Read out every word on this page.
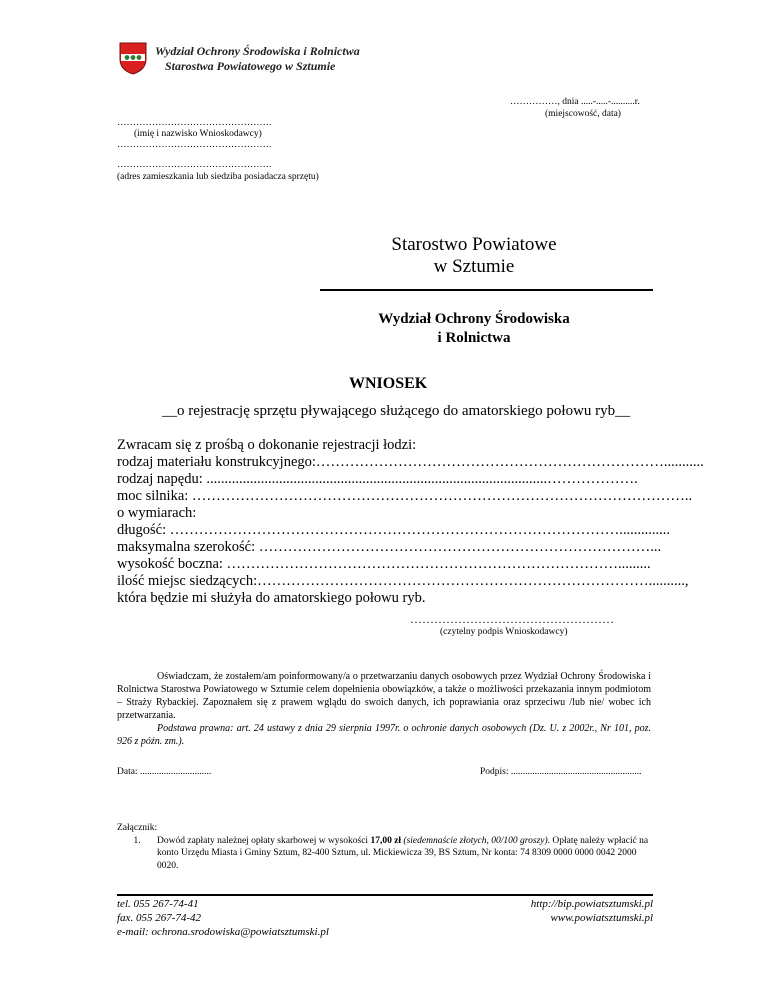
Wydział Ochrony Środowiska i Rolnictwa
Starostwa Powiatowego w Sztumie
……………, dnia .....-.....-..........r.
(miejscowość, data)
………………………………………….
(imię i nazwisko Wnioskodawcy)
………………………………………….
………………………………………….
(adres zamieszkania lub siedziba posiadacza sprzętu)
Starostwo Powiatowe
w Sztumie
Wydział Ochrony Środowiska
i Rolnictwa
WNIOSEK
__o rejestrację sprzętu pływającego służącego do amatorskiego połowu ryb__
Zwracam się z prośbą o dokonanie rejestracji łodzi:
rodzaj materiału konstrukcyjnego:………………………………………………………………...........
rodzaj napędu: ..............................................................................................……………….
moc silnika: …………………………………………………………………………………………..
o wymiarach:
długość: …………………………………………………………………………………..............
maksymalna szerokość: ………………………………………………………………………...
wysokość boczna: ……………………………………………………………………….........
ilość miejsc siedzących:………………………………………………………………………..........,
która będzie mi służyła do amatorskiego połowu ryb.
……………………………………………
(czytelny podpis Wnioskodawcy)

Oświadczam, że zostałem/am poinformowany/a o przetwarzaniu danych osobowych przez Wydział Ochrony Środowiska i Rolnictwa Starostwa Powiatowego w Sztumie celem dopełnienia obowiązków, a także o możliwości przekazania innym podmiotom – Straży Rybackiej. Zapoznałem się z prawem wglądu do swoich danych, ich poprawiania oraz sprzeciwu /lub nie/ wobec ich przetwarzania.

Podstawa prawna: art. 24 ustawy z dnia 29 sierpnia 1997r. o ochronie danych osobowych (Dz. U. z 2002r., Nr 101, poz. 926 z późn. zm.).

Data: ..............................	Podpis: .......................................................
Załącznik:
1.	Dowód zapłaty należnej opłaty skarbowej w wysokości 17,00 zł (siedemnaście złotych, 00/100 groszy). Opłatę należy wpłacić na konto Urzędu Miasta i Gminy Sztum, 82-400 Sztum, ul. Mickiewicza 39, BS Sztum, Nr konta: 74 8309 0000 0000 0042 2000 0020.
tel. 055 267-74-41
fax. 055 267-74-42
e-mail: ochrona.srodowiska@powiatsztumski.pl
http://bip.powiatsztumski.pl
www.powiatsztumski.pl
